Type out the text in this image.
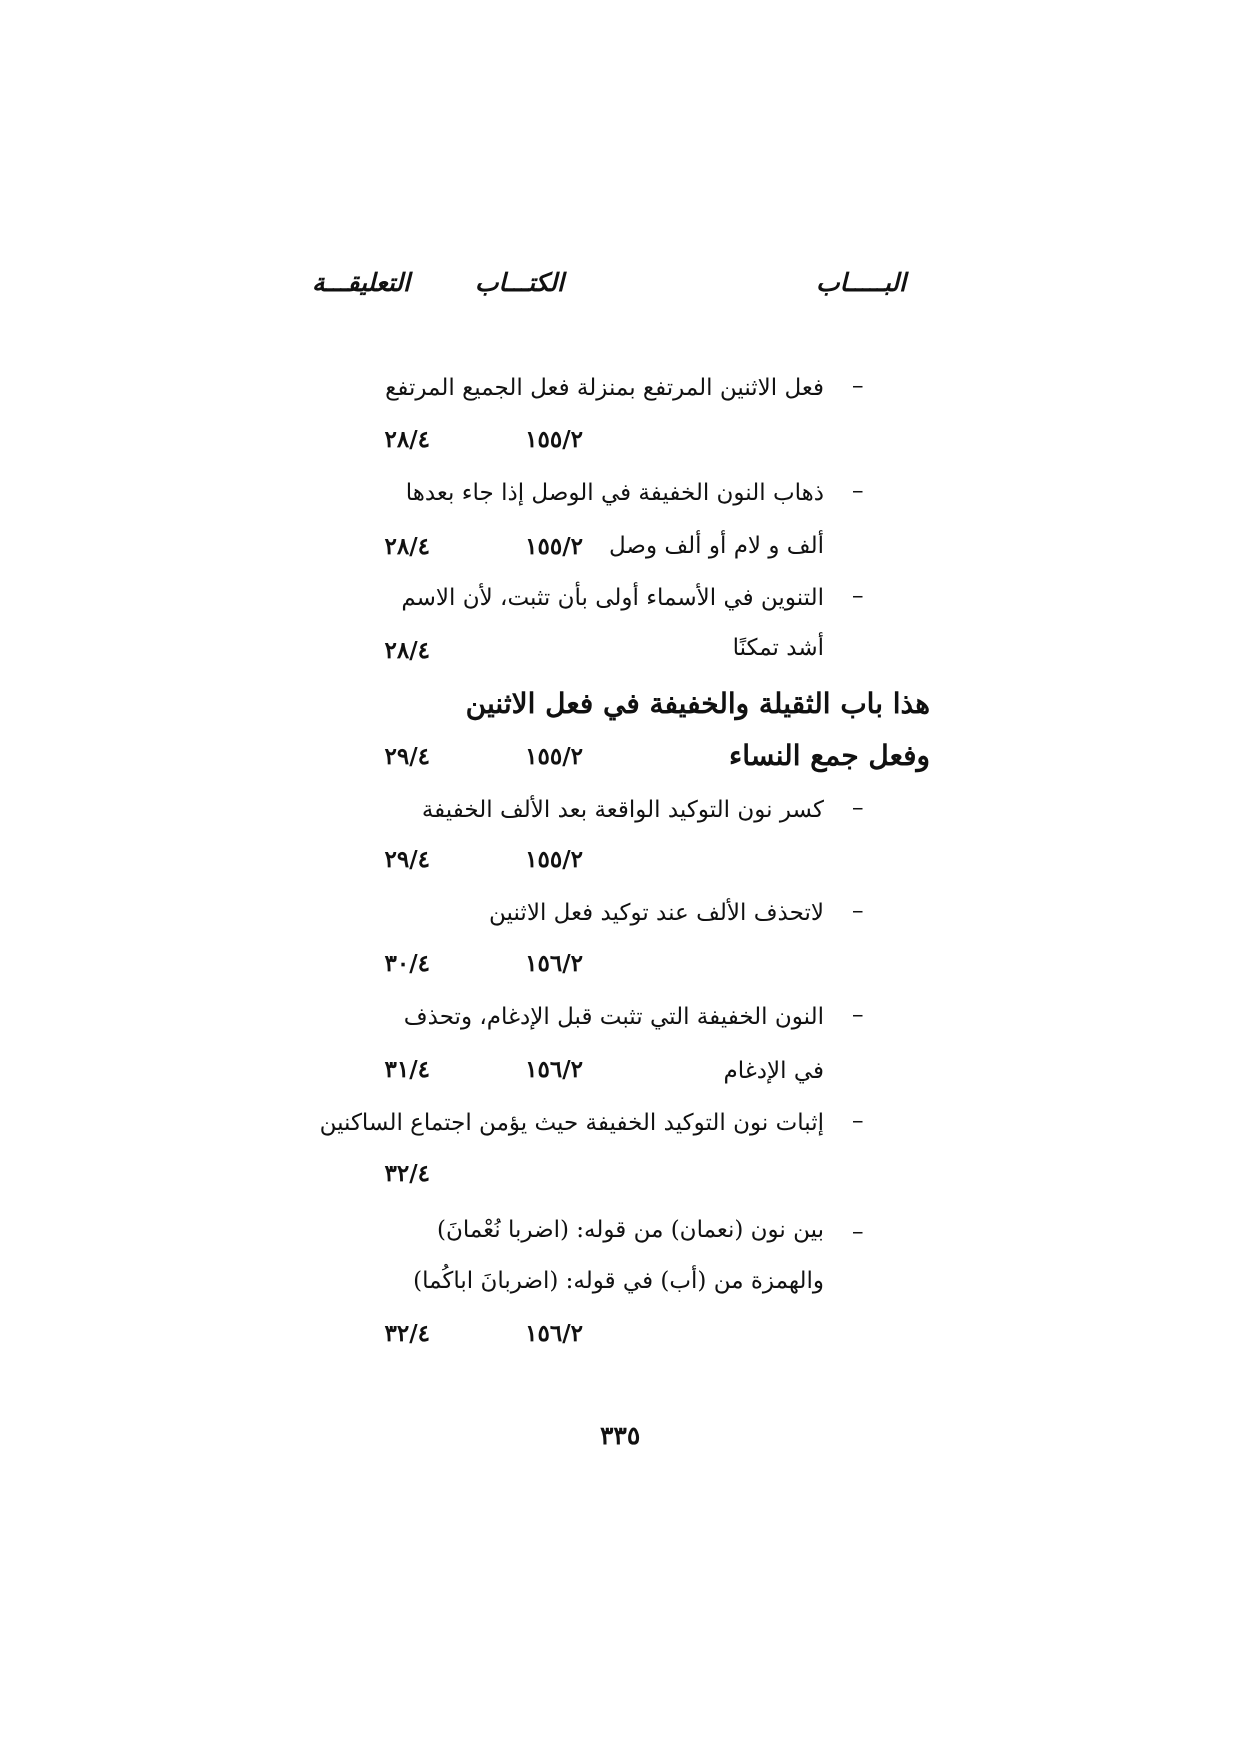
البـــــاب
الكتـــاب
التعليقـــة
–
فعل الاثنين المرتفع بمنزلة فعل الجميع المرتفع
١٥٥/٢
٢٨/٤
–
ذهاب النون الخفيفة في الوصل إذا جاء بعدها
ألف و لام أو ألف وصل
١٥٥/٢
٢٨/٤
–
التنوين في الأسماء أولى بأن تثبت، لأن الاسم
أشد تمكنًا
٢٨/٤
هذا باب الثقيلة والخفيفة في فعل الاثنين
وفعل جمع النساء
١٥٥/٢
٢٩/٤
–
كسر نون التوكيد الواقعة بعد الألف الخفيفة
١٥٥/٢
٢٩/٤
–
لاتحذف الألف عند توكيد فعل الاثنين
١٥٦/٢
٣٠/٤
–
النون الخفيفة التي تثبت قبل الإدغام، وتحذف
في الإدغام
١٥٦/٢
٣١/٤
–
إثبات نون التوكيد الخفيفة حيث يؤمن اجتماع الساكنين
٣٢/٤
–
بين نون (نعمان) من قوله: (اضربا نُعْمانَ)
والهمزة من (أب) في قوله: (اضربانَ اباكُما)
١٥٦/٢
٣٢/٤
٣٣٥
